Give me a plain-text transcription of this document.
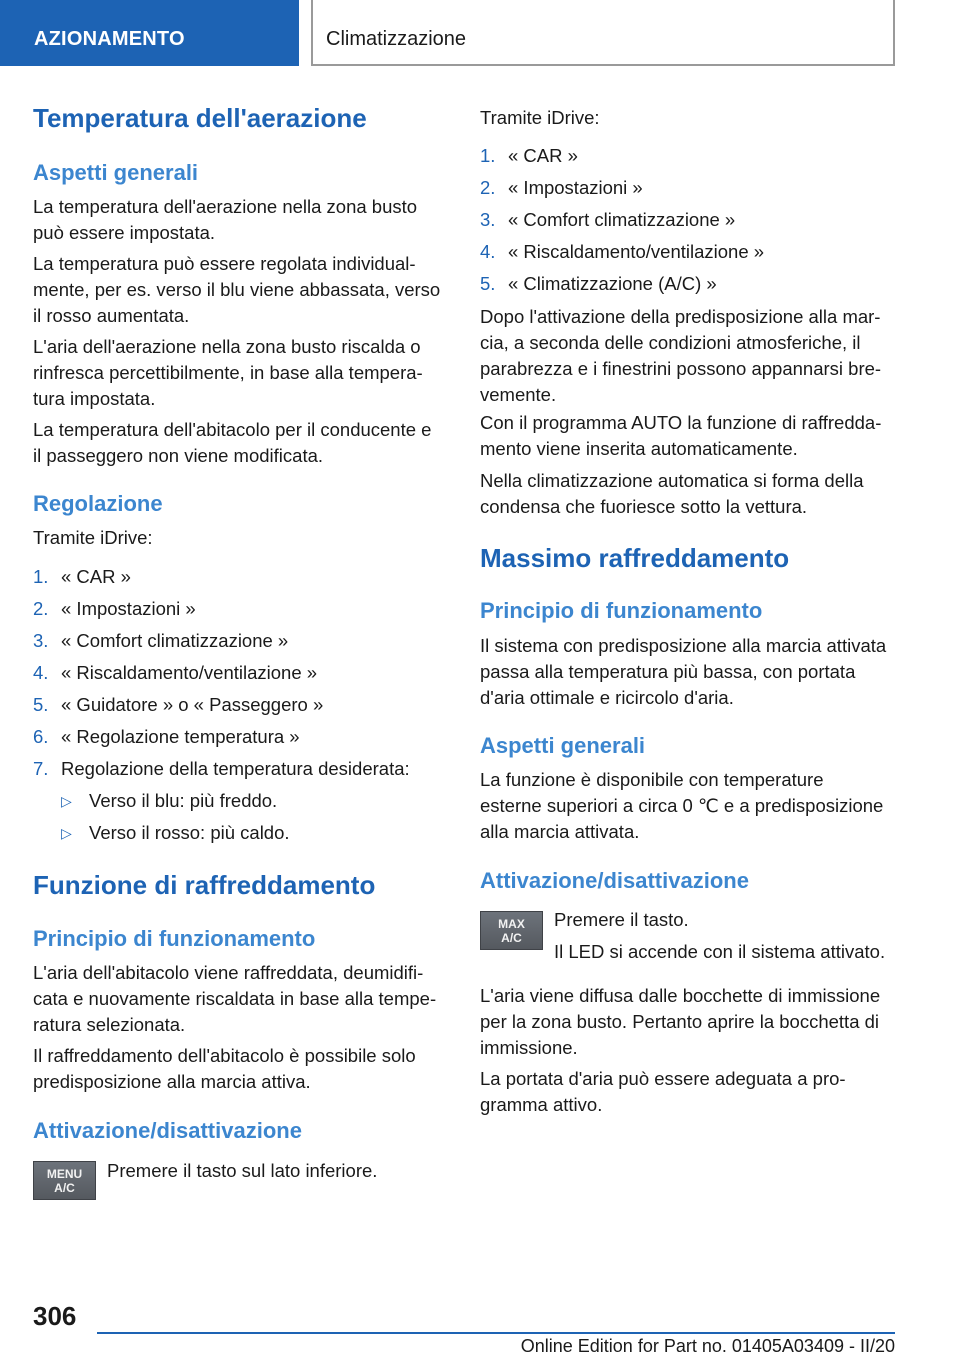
AZIONAMENTO	Climatizzazione
Temperatura dell'aerazione
Aspetti generali
La temperatura dell'aerazione nella zona busto
può essere impostata.
La temperatura può essere regolata individual-
mente, per es. verso il blu viene abbassata, verso
il rosso aumentata.
L'aria dell'aerazione nella zona busto riscalda o
rinfresca percettibilmente, in base alla tempera-
tura impostata.
La temperatura dell'abitacolo per il conducente e
il passeggero non viene modificata.
Regolazione
Tramite iDrive:
1. « CAR »
2. « Impostazioni »
3. « Comfort climatizzazione »
4. « Riscaldamento/ventilazione »
5. « Guidatore » o « Passeggero »
6. « Regolazione temperatura »
7. Regolazione della temperatura desiderata:
▷ Verso il blu: più freddo.
▷ Verso il rosso: più caldo.
Funzione di raffreddamento
Principio di funzionamento
L'aria dell'abitacolo viene raffreddata, deumidifi-
cata e nuovamente riscaldata in base alla tempe-
ratura selezionata.
Il raffreddamento dell'abitacolo è possibile solo
predisposizione alla marcia attiva.
Attivazione/disattivazione
MENU
A/C
Premere il tasto sul lato inferiore.
Tramite iDrive:
1. « CAR »
2. « Impostazioni »
3. « Comfort climatizzazione »
4. « Riscaldamento/ventilazione »
5. « Climatizzazione (A/C) »
Dopo l'attivazione della predisposizione alla mar-
cia, a seconda delle condizioni atmosferiche, il
parabrezza e i finestrini possono appannarsi bre-
vemente.
Con il programma AUTO la funzione di raffredda-
mento viene inserita automaticamente.
Nella climatizzazione automatica si forma della
condensa che fuoriesce sotto la vettura.
Massimo raffreddamento
Principio di funzionamento
Il sistema con predisposizione alla marcia attivata
passa alla temperatura più bassa, con portata
d'aria ottimale e ricircolo d'aria.
Aspetti generali
La funzione è disponibile con temperature
esterne superiori a circa 0 ℃ e a predisposizione
alla marcia attivata.
Attivazione/disattivazione
MAX
A/C
Premere il tasto.
Il LED si accende con il sistema attivato.
L'aria viene diffusa dalle bocchette di immissione
per la zona busto. Pertanto aprire la bocchetta di
immissione.
La portata d'aria può essere adeguata a pro-
gramma attivo.
306
Online Edition for Part no. 01405A03409 - II/20
